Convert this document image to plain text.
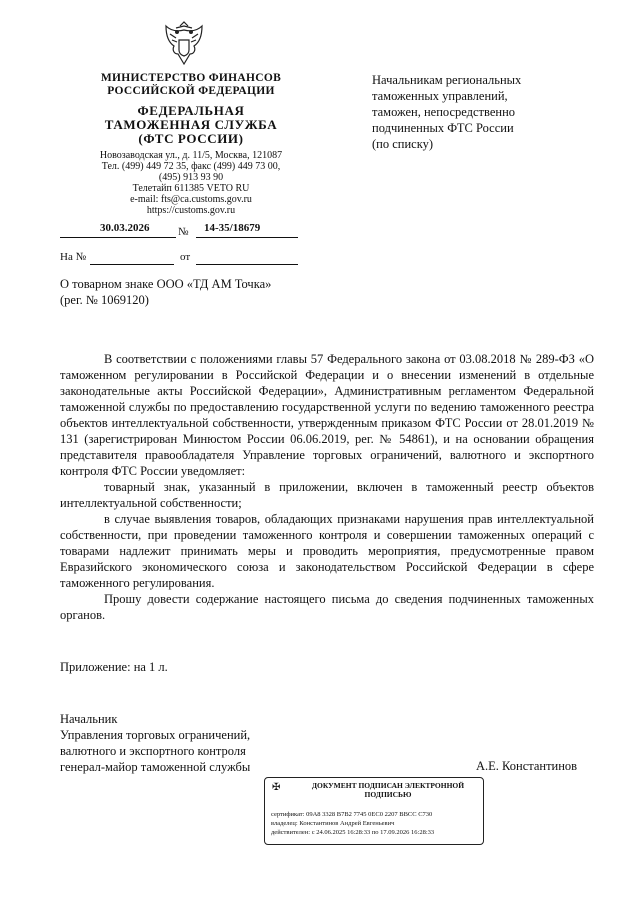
МИНИСТЕРСТВО ФИНАНСОВ
РОССИЙСКОЙ ФЕДЕРАЦИИ
ФЕДЕРАЛЬНАЯ
ТАМОЖЕННАЯ СЛУЖБА
(ФТС РОССИИ)
Новозаводская ул., д. 11/5, Москва, 121087
Тел. (499) 449 72 35, факс (499) 449 73 00,
(495) 913 93 90
Телетайп 611385 VETO RU
e-mail: fts@ca.customs.gov.ru
https://customs.gov.ru
30.03.2026	№ 14-35/18679
На №	от
Начальникам региональных
таможенных управлений,
таможен, непосредственно
подчиненных ФТС России
(по списку)
О товарном знаке ООО «ТД АМ Точка»
(рег. № 1069120)

В соответствии с положениями главы 57 Федерального закона от 03.08.2018 № 289-ФЗ «О таможенном регулировании в Российской Федерации и о внесении изменений в отдельные законодательные акты Российской Федерации», Административным регламентом Федеральной таможенной службы по предоставлению государственной услуги по ведению таможенного реестра объектов интеллектуальной собственности, утвержденным приказом ФТС России от 28.01.2019 № 131 (зарегистрирован Минюстом России 06.06.2019, рег. № 54861), и на основании обращения представителя правообладателя Управление торговых ограничений, валютного и экспортного контроля ФТС России уведомляет:

товарный знак, указанный в приложении, включен в таможенный реестр объектов интеллектуальной собственности;

в случае выявления товаров, обладающих признаками нарушения прав интеллектуальной собственности, при проведении таможенного контроля и совершении таможенных операций с товарами надлежит принимать меры и проводить мероприятия, предусмотренные правом Евразийского экономического союза и законодательством Российской Федерации в сфере таможенного регулирования.

Прошу довести содержание настоящего письма до сведения подчиненных таможенных органов.

Приложение: на 1 л.
Начальник
Управления торговых ограничений,
валютного и экспортного контроля
генерал-майор таможенной службы	А.Е. Константинов
✠	ДОКУМЕНТ ПОДПИСАН ЭЛЕКТРОННОЙ ПОДПИСЬЮ
сертификат: 09A8 3328 B7B2 7745 0EC0 2207 BBCC C730
владелец: Константинов Андрей Евгеньевич
действителен: с 24.06.2025 16:28:33 по 17.09.2026 16:28:33
